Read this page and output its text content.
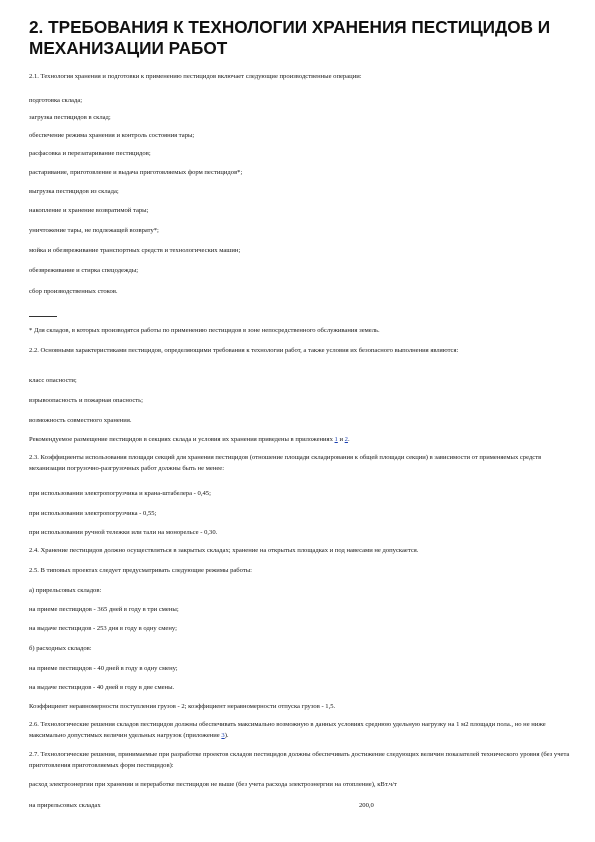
2. ТРЕБОВАНИЯ К ТЕХНОЛОГИИ ХРАНЕНИЯ ПЕСТИЦИДОВ И МЕХАНИЗАЦИИ РАБОТ

2.1. Технология хранения и подготовки к применению пестицидов включает следующие производственные операции:

подготовка склада;

загрузка пестицидов в склад;

обеспечение режима хранения и контроль состояния тары;

расфасовка и перезатаривание пестицидов;

растаривание, приготовление и выдача приготовляемых форм пестицидов*;

выгрузка пестицидов из склада;

накопление и хранение возвратимой тары;

уничтожение тары, не подлежащей возврату*;

мойка и обезвреживание транспортных средств и технологических машин;

обезвреживание и стирка спецодежды;

сбор производственных стоков.

* Для складов, в которых производятся работы по применению пестицидов в зоне непосредственного обслуживания земель.

2.2. Основными характеристиками пестицидов, определяющими требования к технологии работ, а также условия их безопасного выполнения являются:

класс опасности;

взрывоопасность и пожарная опасность;

возможность совместного хранения.

Рекомендуемое размещение пестицидов в секциях склада и условия их хранения приведены в приложениях 1 и 2.

2.3. Коэффициенты использования площади секций для хранения пестицидов (отношение площади складирования к общей площади секции) в зависимости от применяемых средств механизации погрузочно-разгрузочных работ должны быть не менее:

при использовании электропогрузчика и крана-штабелера - 0,45;

при использовании электропогрузчика - 0,55;

при использовании ручной тележки или тали на монорельсе - 0,30.

2.4. Хранение пестицидов должно осуществляться в закрытых складах; хранение на открытых площадках и под навесами не допускается.

2.5. В типовых проектах следует предусматривать следующие режимы работы:

а) прирельсовых складов:

на приеме пестицидов - 365 дней в году в три смены;

на выдаче пестицидов - 253 дня в году в одну смену;

б) расходных складов:

на приеме пестицидов - 40 дней в году в одну смену;

на выдаче пестицидов - 40 дней в году в две смены.

Коэффициент неравномерности поступления грузов - 2; коэффициент неравномерности отпуска грузов - 1,5.

2.6. Технологические решения складов пестицидов должны обеспечивать максимально возможную в данных условиях среднюю удельную нагрузку на 1 м2 площади пола., но не ниже максимально допустимых величин удельных нагрузок (приложение 3).

2.7. Технологические решения, принимаемые при разработке проектов складов пестицидов должны обеспечивать достижение следующих величин показателей технического уровня (без учета приготовления приготовляемых форм пестицидов):

расход электроэнергии при хранении и переработке пестицидов не выше (без учета расхода электроэнергии на отопление), кВт.ч/т

на прирельсовых складах	200,0
